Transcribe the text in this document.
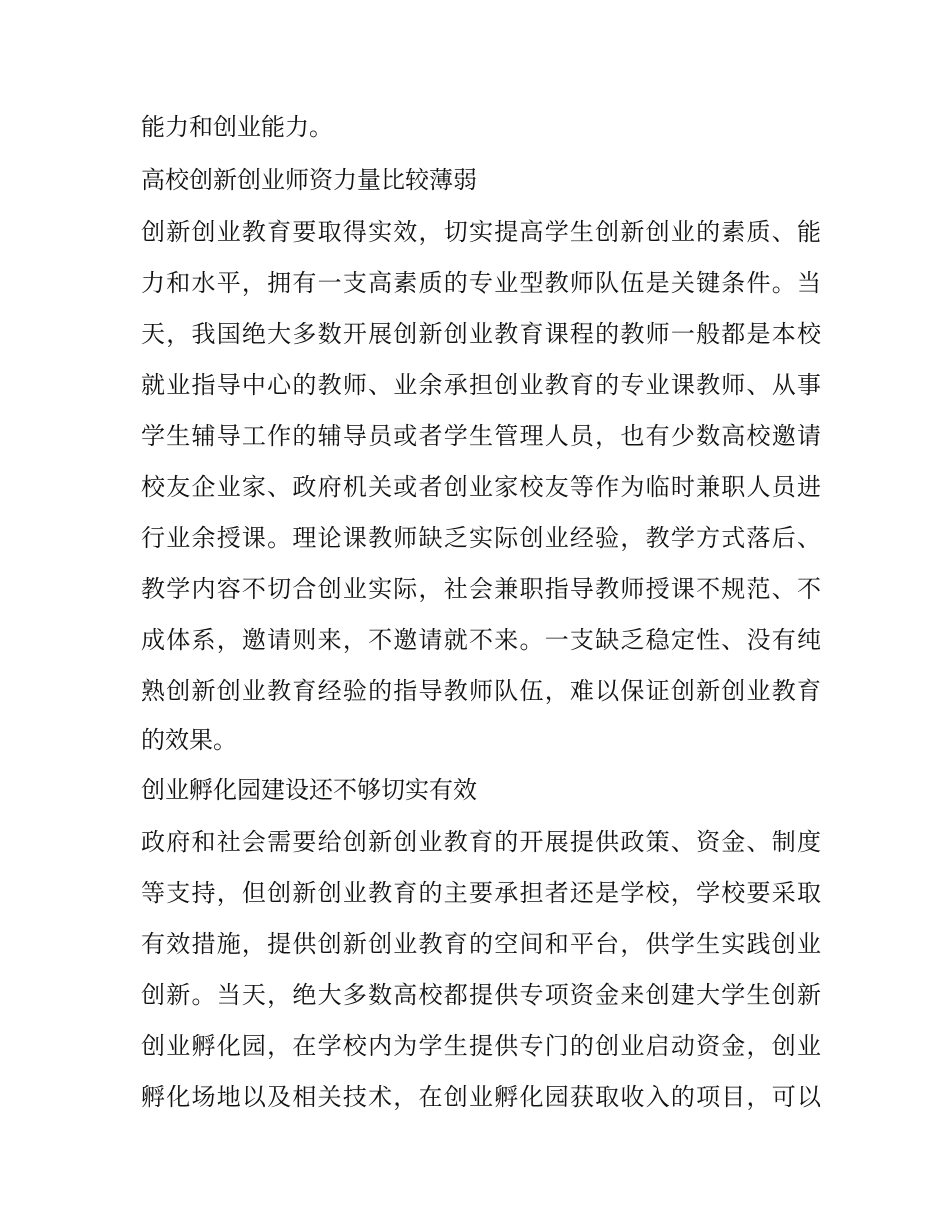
能力和创业能力。

高校创新创业师资力量比较薄弱

创新创业教育要取得实效，切实提高学生创新创业的素质、能

力和水平，拥有一支高素质的专业型教师队伍是关键条件。当

天，我国绝大多数开展创新创业教育课程的教师一般都是本校

就业指导中心的教师、业余承担创业教育的专业课教师、从事

学生辅导工作的辅导员或者学生管理人员，也有少数高校邀请

校友企业家、政府机关或者创业家校友等作为临时兼职人员进

行业余授课。理论课教师缺乏实际创业经验，教学方式落后、

教学内容不切合创业实际，社会兼职指导教师授课不规范、不

成体系，邀请则来，不邀请就不来。一支缺乏稳定性、没有纯

熟创新创业教育经验的指导教师队伍，难以保证创新创业教育

的效果。

创业孵化园建设还不够切实有效

政府和社会需要给创新创业教育的开展提供政策、资金、制度

等支持，但创新创业教育的主要承担者还是学校，学校要采取

有效措施，提供创新创业教育的空间和平台，供学生实践创业

创新。当天，绝大多数高校都提供专项资金来创建大学生创新

创业孵化园，在学校内为学生提供专门的创业启动资金，创业

孵化场地以及相关技术，在创业孵化园获取收入的项目，可以
